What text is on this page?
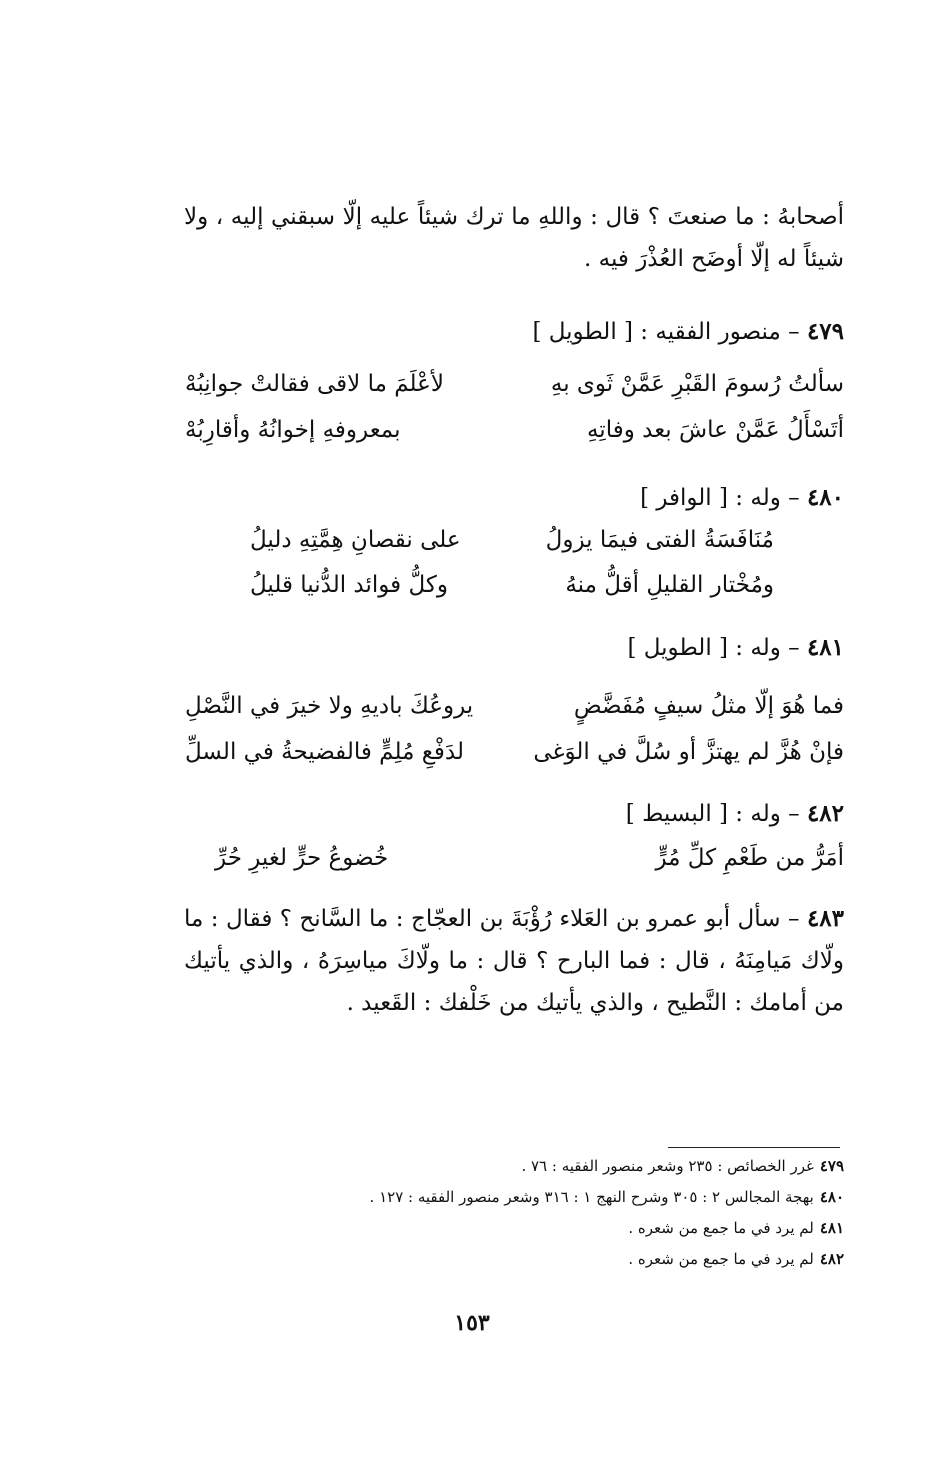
أصحابهُ : ما صنعتَ ؟ قال : واللهِ ما ترك شيئاً عليه إلّا سبقني إليه ، ولا شيئاً له إلّا أوضَح العُذْرَ فيه .

٤٧٩ – منصور الفقيه : [ الطويل ]

سألتُ رُسومَ القَبْرِ عَمَّنْ ثَوى بهِ
لأعْلَمَ ما لاقى فقالتْ جوانِبُهْ
أتَسْأَلُ عَمَّنْ عاشَ بعد وفاتِهِ
بمعروفهِ إخوانُهُ وأقارِبُهْ

٤٨٠ – وله : [ الوافر ]

مُنَافَسَةُ الفتى فيمَا يزولُ
على نقصانِ هِمَّتِهِ دليلُ
ومُخْتار القليلِ أقلُّ منهُ
وكلُّ فوائد الدُّنيا قليلُ

٤٨١ – وله : [ الطويل ]

فما هُوَ إلّا مثلُ سيفٍ مُفَضَّضٍ
يروعُكَ باديهِ ولا خيرَ في النَّصْلِ
فإنْ هُزَّ لم يهتزَّ أو سُلَّ في الوَغى
لدَفْعِ مُلِمٍّ فالفضيحةُ في السلِّ

٤٨٢ – وله : [ البسيط ]

أمَرُّ من طَعْمِ كلِّ مُرٍّ
خُضوعُ حرٍّ لغيرِ حُرِّ

٤٨٣ – سأل أبو عمرو بن العَلاء رُؤْبَةَ بن العجّاج : ما السَّانح ؟ فقال : ما ولّاك مَيامِنَهُ ، قال : فما البارح ؟ قال : ما ولّاكَ مياسِرَهُ ، والذي يأتيك من أمامك : النَّطيح ، والذي يأتيك من خَلْفك : القَعيد .

٤٧٩غرر الخصائص : ٢٣٥ وشعر منصور الفقيه : ٧٦ .

٤٨٠بهجة المجالس ٢ : ٣٠٥ وشرح النهج ١ : ٣١٦ وشعر منصور الفقيه : ١٢٧ .

٤٨١لم يرد في ما جمع من شعره .

٤٨٢لم يرد في ما جمع من شعره .

١٥٣
